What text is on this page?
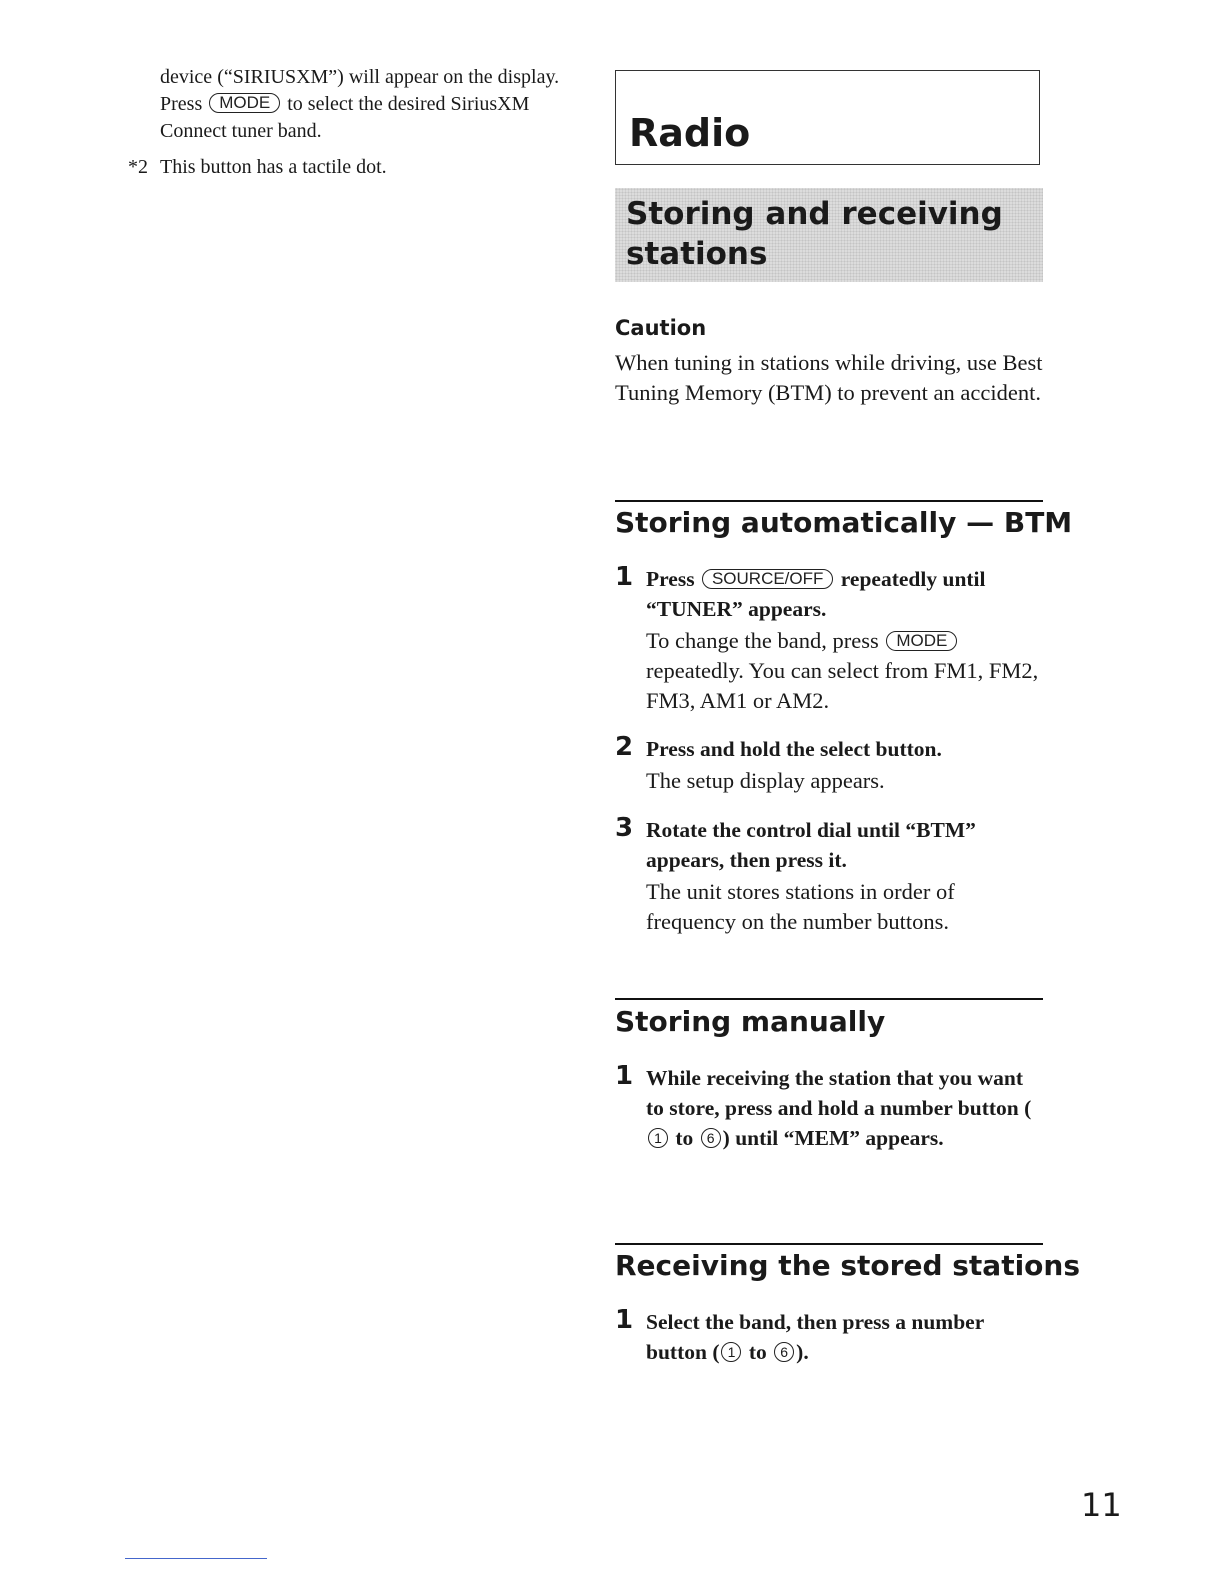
device (“SIRIUSXM”) will appear on the display. Press MODE to select the desired SiriusXM Connect tuner band.

*2 This button has a tactile dot.
Radio
Storing and receiving
stations
Caution

When tuning in stations while driving, use Best Tuning Memory (BTM) to prevent an accident.

Storing automatically — BTM
1 Press SOURCE/OFF repeatedly until “TUNER” appears.

To change the band, press MODE repeatedly. You can select from FM1, FM2, FM3, AM1 or AM2.

2 Press and hold the select button.

The setup display appears.

3 Rotate the control dial until “BTM” appears, then press it.

The unit stores stations in order of frequency on the number buttons.

Storing manually
1 While receiving the station that you want to store, press and hold a number button (1 to 6 ) until “MEM” appears.

Receiving the stored stations
1 Select the band, then press a number button ( 1 to 6 ).

11
